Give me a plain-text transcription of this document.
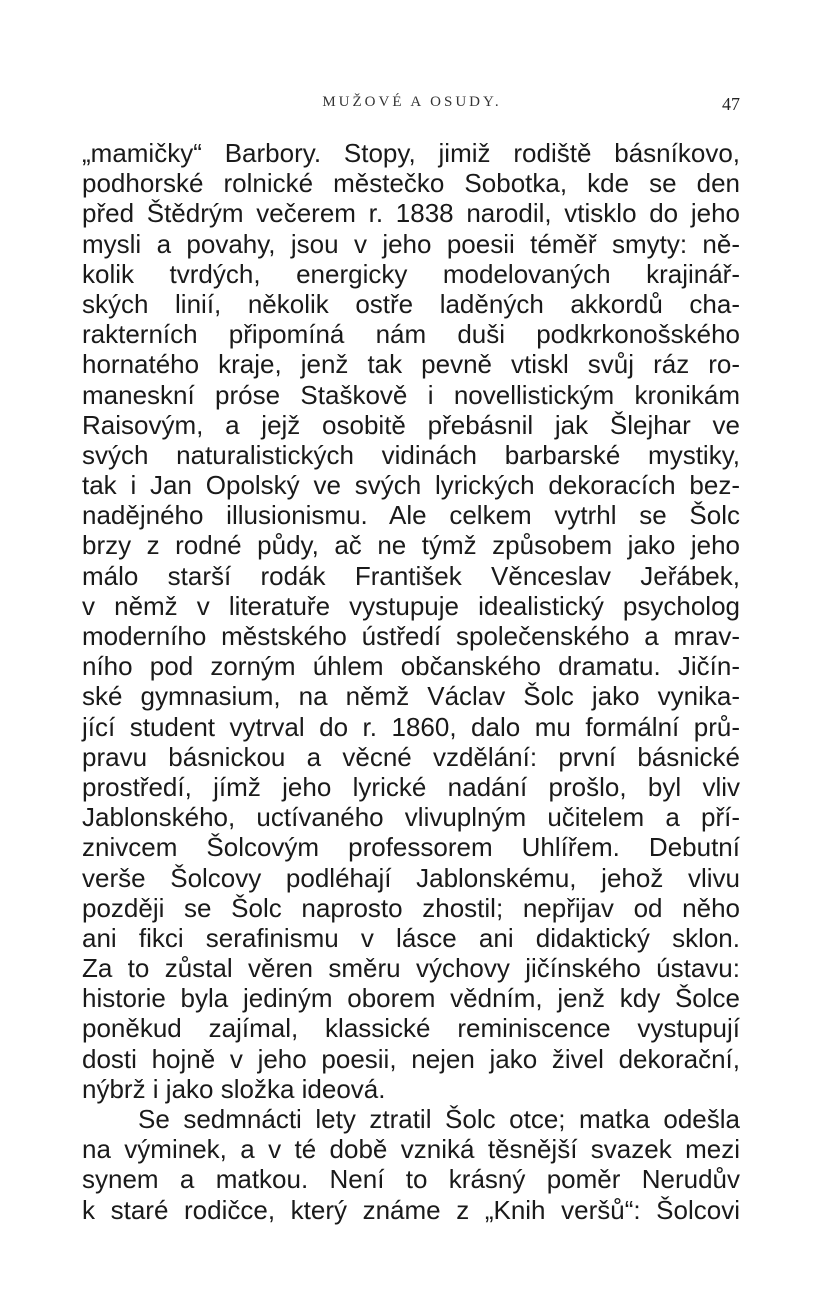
MUŽOVÉ A OSUDY.	47
„mamičky“ Barbory. Stopy, jimiž rodiště básníkovo,
podhorské rolnické městečko Sobotka, kde se den
před Štědrým večerem r. 1838 narodil, vtisklo do jeho
mysli a povahy, jsou v jeho poesii téměř smyty: ně-
kolik tvrdých, energicky modelovaných krajinář-
ských linií, několik ostře laděných akkordů cha-
rakterních připomíná nám duši podkrkonošského
hornatého kraje, jenž tak pevně vtiskl svůj ráz ro-
maneskní próse Staškově i novellistickým kronikám
Raisovým, a jejž osobitě přebásnil jak Šlejhar ve
svých naturalistických vidinách barbarské mystiky,
tak i Jan Opolský ve svých lyrických dekoracích bez-
nadějného illusionismu. Ale celkem vytrhl se Šolc
brzy z rodné půdy, ač ne týmž způsobem jako jeho
málo starší rodák František Věnceslav Jeřábek,
v němž v literatuře vystupuje idealistický psycholog
moderního městského ústředí společenského a mrav-
ního pod zorným úhlem občanského dramatu. Jičín-
ské gymnasium, na němž Václav Šolc jako vynika-
jící student vytrval do r. 1860, dalo mu formální prů-
pravu básnickou a věcné vzdělání: první básnické
prostředí, jímž jeho lyrické nadání prošlo, byl vliv
Jablonského, uctívaného vlivuplným učitelem a pří-
znivcem Šolcovým professorem Uhlířem. Debutní
verše Šolcovy podléhají Jablonskému, jehož vlivu
později se Šolc naprosto zhostil; nepřijav od něho
ani fikci serafinismu v lásce ani didaktický sklon.
Za to zůstal věren směru výchovy jičínského ústavu:
historie byla jediným oborem vědním, jenž kdy Šolce
poněkud zajímal, klassické reminiscence vystupují
dosti hojně v jeho poesii, nejen jako živel dekorační,
nýbrž i jako složka ideová.
Se sedmnácti lety ztratil Šolc otce; matka odešla
na výminek, a v té době vzniká těsnější svazek mezi
synem a matkou. Není to krásný poměr Nerudův
k staré rodičce, který známe z „Knih veršů“: Šolcovi
